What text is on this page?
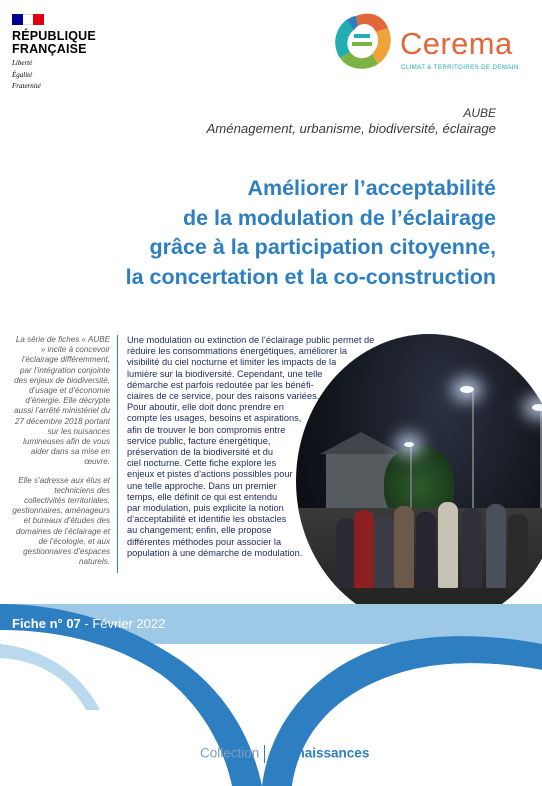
RÉPUBLIQUE
FRANÇAISE
Liberté
Égalité
Fraternité
Cerema
CLIMAT & TERRITOIRES DE DEMAIN
AUBE
Aménagement, urbanisme, biodiversité, éclairage
Améliorer l’acceptabilité
de la modulation de l’éclairage
grâce à la participation citoyenne,
la concertation et la co-construction

La série de fiches « AUBE » incite à concevoir l’éclairage différemment, par l’intégration conjointe des enjeux de biodiversité, d’usage et d’économie d’énergie. Elle décrypte aussi l’arrêté ministériel du 27 décembre 2018 portant sur les nuisances lumineuses afin de vous aider dans sa mise en œuvre.

Elle s’adresse aux élus et techniciens des collectivités territoriales, gestionnaires, aménageurs et bureaux d’études des domaines de l’éclairage et de l’écologie, et aux gestionnaires d’espaces naturels.

Une modulation ou extinction de l’éclairage public permet de
réduire les consommations énergétiques, améliorer la
visibilité du ciel nocturne et limiter les impacts de la
lumière sur la biodiversité. Cependant, une telle
démarche est parfois redoutée par les bénéfi-
ciaires de ce service, pour des raisons variées.
Pour aboutir, elle doit donc prendre en
compte les usages, besoins et aspirations,
afin de trouver le bon compromis entre
service public, facture énergétique,
préservation de la biodiversité et du
ciel nocturne. Cette fiche explore les
enjeux et pistes d’actions possibles pour
une telle approche. Dans un premier
temps, elle définit ce qui est entendu
par modulation, puis explicite la notion
d’acceptabilité et identifie les obstacles
au changement; enfin, elle propose
différentes méthodes pour associer la
population à une démarche de modulation.
Fiche n° 07 - Février 2022
Collection Connaissances
